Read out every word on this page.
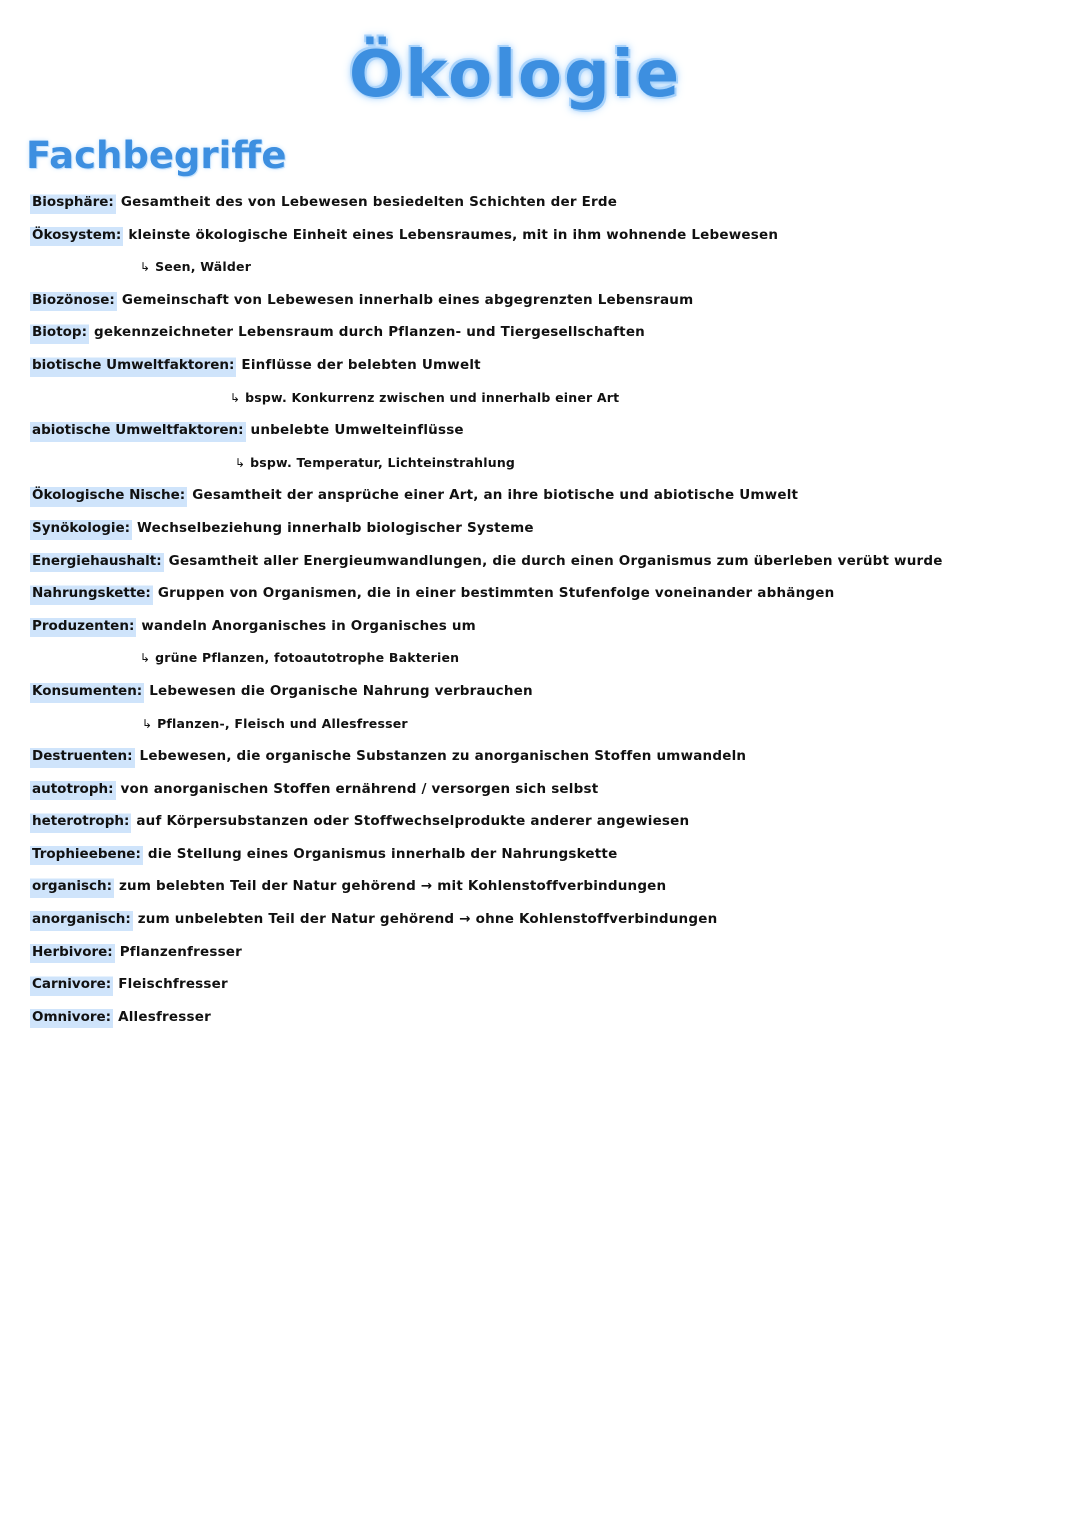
Ökologie
Fachbegriffe
Biosphäre: Gesamtheit des von Lebewesen besiedelten Schichten der Erde
Ökosystem: kleinste ökologische Einheit eines Lebensraumes, mit in ihm wohnende Lebewesen
↳ Seen, Wälder
Biozönose: Gemeinschaft von Lebewesen innerhalb eines abgegrenzten Lebensraum
Biotop: gekennzeichneter Lebensraum durch Pflanzen- und Tiergesellschaften
biotische Umweltfaktoren: Einflüsse der belebten Umwelt
↳ bspw. Konkurrenz zwischen und innerhalb einer Art
abiotische Umweltfaktoren: unbelebte Umwelteinflüsse
↳ bspw. Temperatur, Lichteinstrahlung
Ökologische Nische: Gesamtheit der ansprüche einer Art, an ihre biotische und abiotische Umwelt
Synökologie: Wechselbeziehung innerhalb biologischer Systeme
Energiehaushalt: Gesamtheit aller Energieumwandlungen, die durch einen Organismus zum überleben verübt wurde
Nahrungskette: Gruppen von Organismen, die in einer bestimmten Stufenfolge voneinander abhängen
Produzenten: wandeln Anorganisches in Organisches um
↳ grüne Pflanzen, fotoautotrophe Bakterien
Konsumenten: Lebewesen die Organische Nahrung verbrauchen
↳ Pflanzen-, Fleisch und Allesfresser
Destruenten: Lebewesen, die organische Substanzen zu anorganischen Stoffen umwandeln
autotroph: von anorganischen Stoffen ernährend / versorgen sich selbst
heterotroph: auf Körpersubstanzen oder Stoffwechselprodukte anderer angewiesen
Trophieebene: die Stellung eines Organismus innerhalb der Nahrungskette
organisch: zum belebten Teil der Natur gehörend → mit Kohlenstoffverbindungen
anorganisch: zum unbelebten Teil der Natur gehörend → ohne Kohlenstoffverbindungen
Herbivore: Pflanzenfresser
Carnivore: Fleischfresser
Omnivore: Allesfresser
